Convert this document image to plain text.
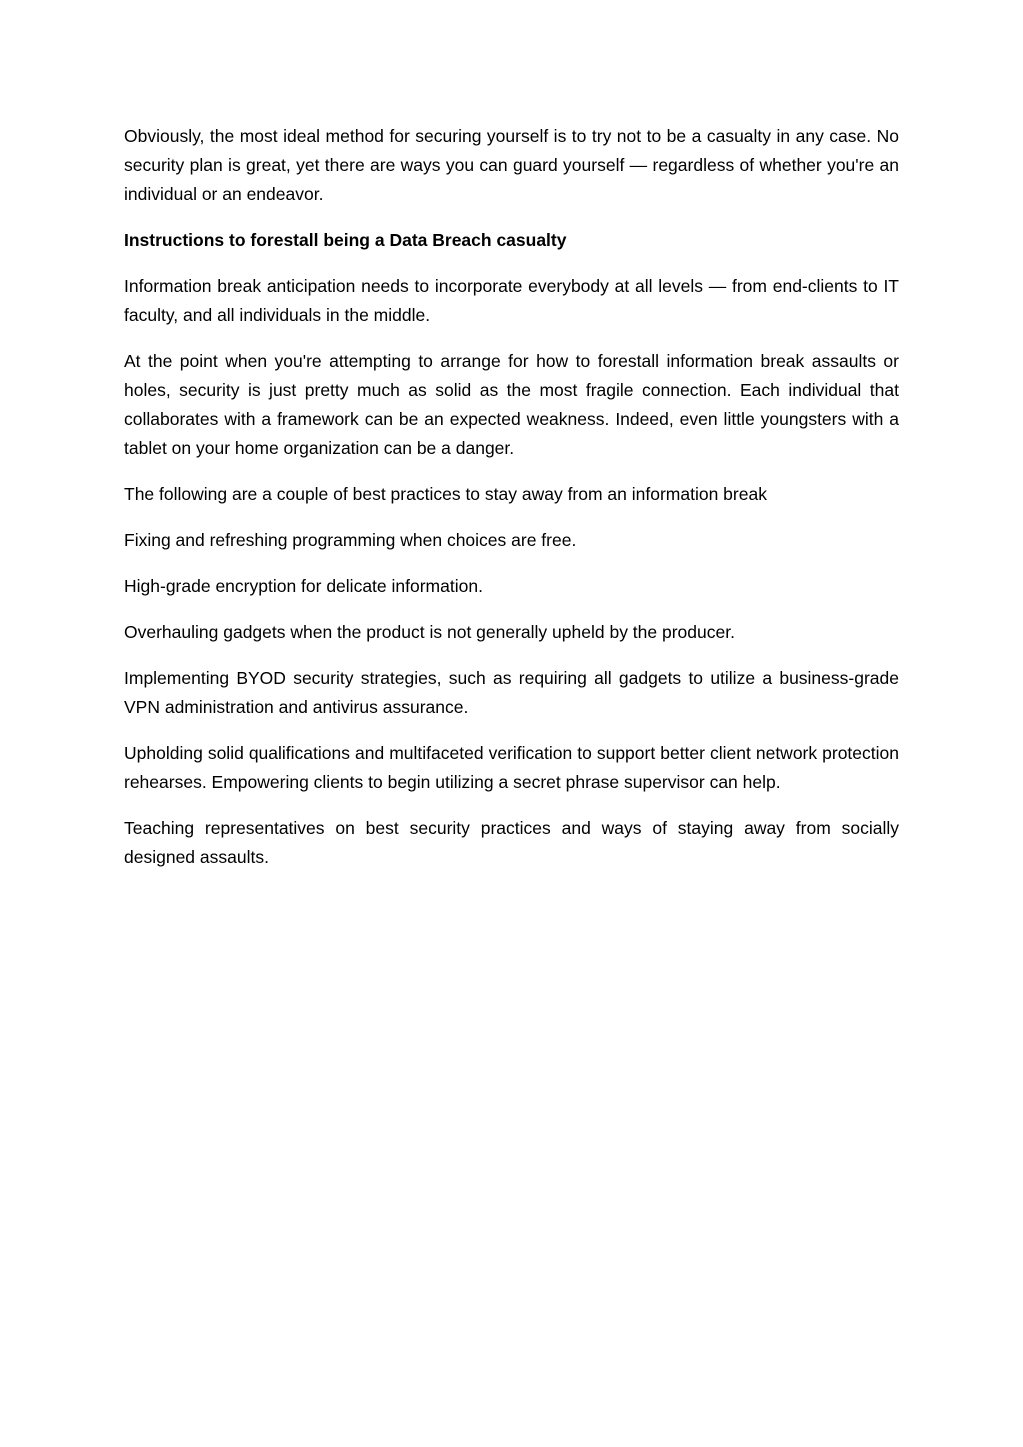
Obviously, the most ideal method for securing yourself is to try not to be a casualty in any case. No security plan is great, yet there are ways you can guard yourself — regardless of whether you're an individual or an endeavor.

Instructions to forestall being a Data Breach casualty

Information break anticipation needs to incorporate everybody at all levels — from end-clients to IT faculty, and all individuals in the middle.

At the point when you're attempting to arrange for how to forestall information break assaults or holes, security is just pretty much as solid as the most fragile connection. Each individual that collaborates with a framework can be an expected weakness. Indeed, even little youngsters with a tablet on your home organization can be a danger.

The following are a couple of best practices to stay away from an information break

Fixing and refreshing programming when choices are free.

High-grade encryption for delicate information.

Overhauling gadgets when the product is not generally upheld by the producer.

Implementing BYOD security strategies, such as requiring all gadgets to utilize a business-grade VPN administration and antivirus assurance.

Upholding solid qualifications and multifaceted verification to support better client network protection rehearses. Empowering clients to begin utilizing a secret phrase supervisor can help.

Teaching representatives on best security practices and ways of staying away from socially designed assaults.
